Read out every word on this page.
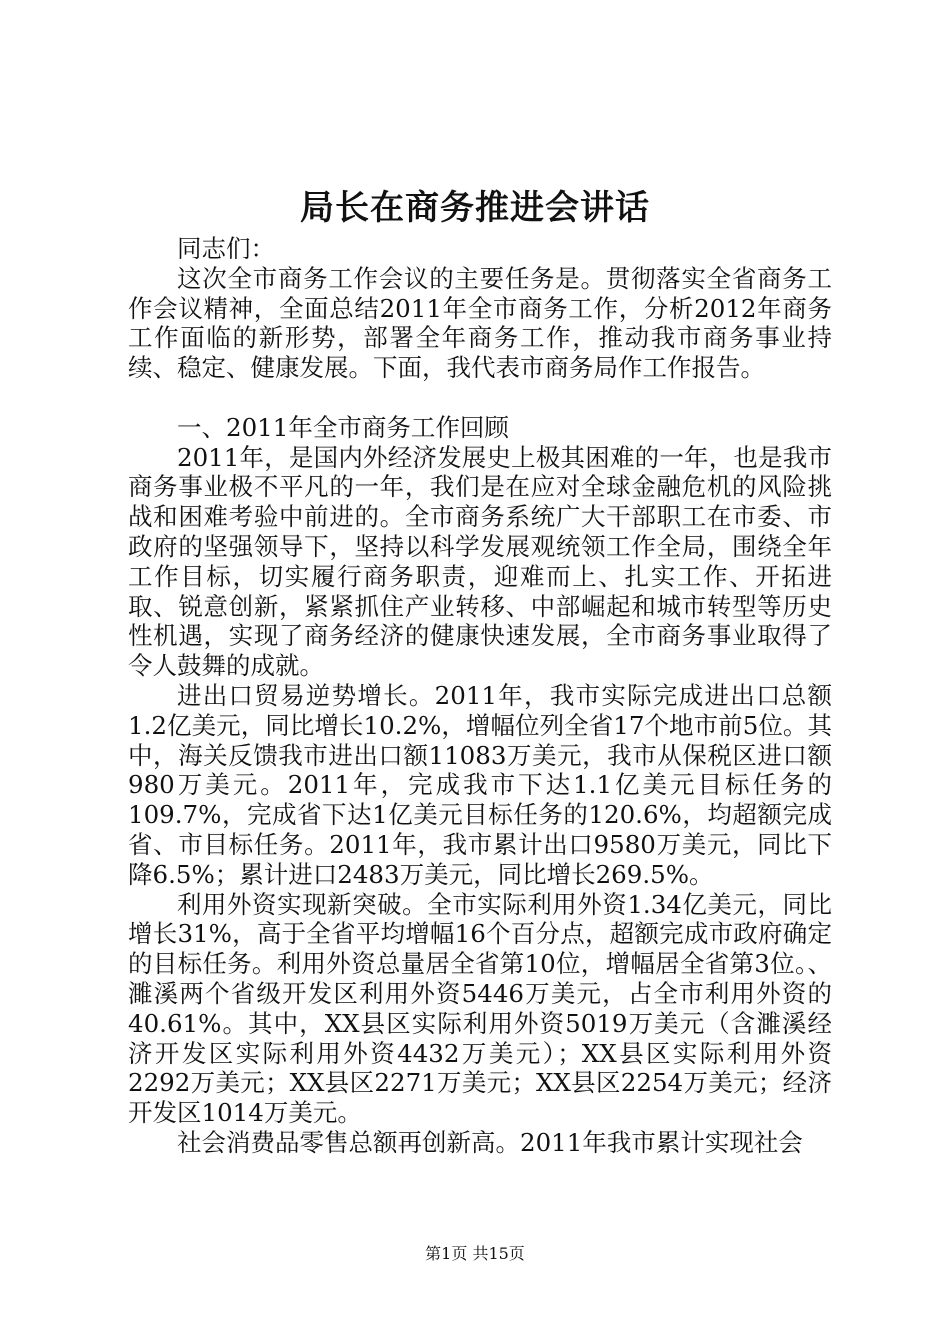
局长在商务推进会讲话

同志们：

这次全市商务工作会议的主要任务是。贯彻落实全省商务工作会议精神，全面总结2011年全市商务工作，分析2012年商务工作面临的新形势，部署全年商务工作，推动我市商务事业持续、稳定、健康发展。下面，我代表市商务局作工作报告。

一、2011年全市商务工作回顾

2011年，是国内外经济发展史上极其困难的一年，也是我市商务事业极不平凡的一年，我们是在应对全球金融危机的风险挑战和困难考验中前进的。全市商务系统广大干部职工在市委、市政府的坚强领导下，坚持以科学发展观统领工作全局，围绕全年工作目标，切实履行商务职责，迎难而上、扎实工作、开拓进取、锐意创新，紧紧抓住产业转移、中部崛起和城市转型等历史性机遇，实现了商务经济的健康快速发展，全市商务事业取得了令人鼓舞的成就。

进出口贸易逆势增长。2011年，我市实际完成进出口总额1.2亿美元，同比增长10.2%，增幅位列全省17个地市前5位。其中，海关反馈我市进出口额11083万美元，我市从保税区进口额980万美元。2011年，完成我市下达1.1亿美元目标任务的109.7%，完成省下达1亿美元目标任务的120.6%，均超额完成省、市目标任务。2011年，我市累计出口9580万美元，同比下降6.5%；累计进口2483万美元，同比增长269.5%。

利用外资实现新突破。全市实际利用外资1.34亿美元，同比增长31%，高于全省平均增幅16个百分点，超额完成市政府确定的目标任务。利用外资总量居全省第10位，增幅居全省第3位。、濉溪两个省级开发区利用外资5446万美元，占全市利用外资的40.61%。其中，XX县区实际利用外资5019万美元（含濉溪经济开发区实际利用外资4432万美元）；XX县区实际利用外资2292万美元；XX县区2271万美元；XX县区2254万美元；经济开发区1014万美元。

社会消费品零售总额再创新高。2011年我市累计实现社会

第1页 共15页
